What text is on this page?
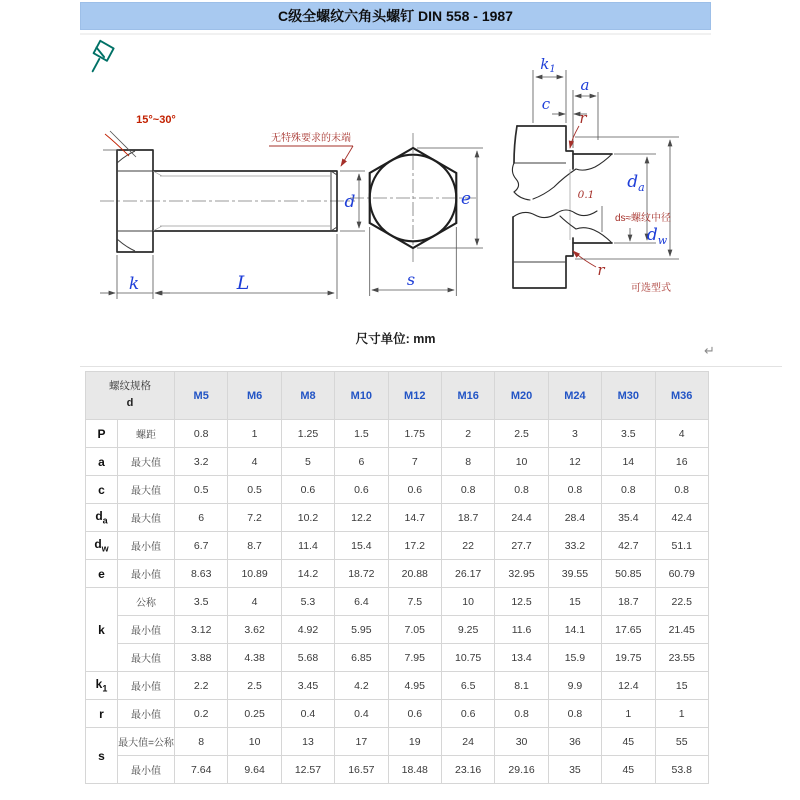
C级全螺纹六角头螺钉 DIN 558 - 1987
15°~30°
无特殊要求的末端
k	L
d	e
s
$k_1$
a
c
r
r
$d_a$
$d_w$
0.1
ds≈螺纹中径
可选型式
尺寸单位: mm
↵
螺纹规格
d		M5	M6	M8	M10	M12	M16	M20	M24	M30	M36
P	螺距	0.8	1	1.25	1.5	1.75	2	2.5	3	3.5	4
a	最大值	3.2	4	5	6	7	8	10	12	14	16
c	最大值	0.5	0.5	0.6	0.6	0.6	0.8	0.8	0.8	0.8	0.8
$d_a$	最大值	6	7.2	10.2	12.2	14.7	18.7	24.4	28.4	35.4	42.4
$d_w$	最小值	6.7	8.7	11.4	15.4	17.2	22	27.7	33.2	42.7	51.1
e	最小值	8.63	10.89	14.2	18.72	20.88	26.17	32.95	39.55	50.85	60.79
k	公称	3.5	4	5.3	6.4	7.5	10	12.5	15	18.7	22.5
	最小值	3.12	3.62	4.92	5.95	7.05	9.25	11.6	14.1	17.65	21.45
	最大值	3.88	4.38	5.68	6.85	7.95	10.75	13.4	15.9	19.75	23.55
$k_1$	最小值	2.2	2.5	3.45	4.2	4.95	6.5	8.1	9.9	12.4	15
r	最小值	0.2	0.25	0.4	0.4	0.6	0.6	0.8	0.8	1	1
s	最大值=公称	8	10	13	17	19	24	30	36	45	55
	最小值	7.64	9.64	12.57	16.57	18.48	23.16	29.16	35	45	53.8
